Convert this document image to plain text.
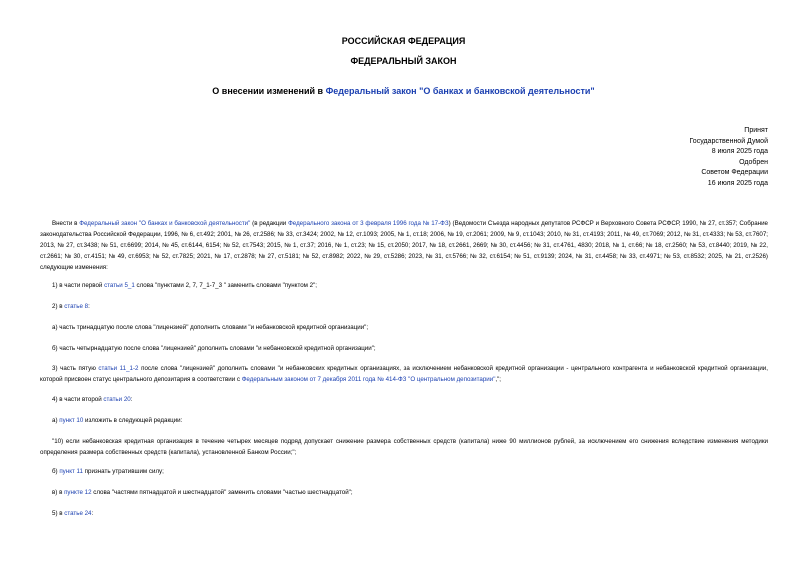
РОССИЙСКАЯ ФЕДЕРАЦИЯ
ФЕДЕРАЛЬНЫЙ ЗАКОН
О внесении изменений в Федеральный закон "О банках и банковской деятельности"
Принят
Государственной Думой
8 июля 2025 года
Одобрен
Советом Федерации
16 июля 2025 года
Внести в Федеральный закон "О банках и банковской деятельности" (в редакции Федерального закона от 3 февраля 1996 года № 17-ФЗ) (Ведомости Съезда народных депутатов РСФСР и Верховного Совета РСФСР, 1990, № 27, ст.357; Собрание законодательства Российской Федерации, 1996, № 6, ст.492; 2001, № 26, ст.2586; № 33, ст.3424; 2002, № 12, ст.1093; 2005, № 1, ст.18; 2006, № 19, ст.2061; 2009, № 9, ст.1043; 2010, № 31, ст.4193; 2011, № 49, ст.7069; 2012, № 31, ст.4333; № 53, ст.7607; 2013, № 27, ст.3438; № 51, ст.6699; 2014, № 45, ст.6144, 6154; № 52, ст.7543; 2015, № 1, ст.37; 2016, № 1, ст.23; № 15, ст.2050; 2017, № 18, ст.2661, 2669; № 30, ст.4456; № 31, ст.4761, 4830; 2018, № 1, ст.66; № 18, ст.2560; № 53, ст.8440; 2019, № 22, ст.2661; № 30, ст.4151; № 49, ст.6953; № 52, ст.7825; 2021, № 17, ст.2878; № 27, ст.5181; № 52, ст.8982; 2022, № 29, ст.5286; 2023, № 31, ст.5766; № 32, ст.6154; № 51, ст.9139; 2024, № 31, ст.4458; № 33, ст.4971; № 53, ст.8532; 2025, № 21, ст.2526) следующие изменения:
1) в части первой статьи 5_1 слова "пунктами 2, 7, 7_1-7_3 " заменить словами "пунктом 2";
2) в статье 8:
а) часть тринадцатую после слова "лицензией" дополнить словами "и небанковской кредитной организации";
б) часть четырнадцатую после слова "лицензией" дополнить словами "и небанковской кредитной организации";
3) часть пятую статьи 11_1-2 после слова "лицензией" дополнить словами "и небанковских кредитных организациях, за исключением небанковской кредитной организации - центрального контрагента и небанковской кредитной организации, которой присвоен статус центрального депозитария в соответствии с Федеральным законом от 7 декабря 2011 года № 414-ФЗ "О центральном депозитарии",";
4) в части второй статьи 20:
а) пункт 10 изложить в следующей редакции:
"10) если небанковская кредитная организация в течение четырех месяцев подряд допускает снижение размера собственных средств (капитала) ниже 90 миллионов рублей, за исключением его снижения вследствие изменения методики определения размера собственных средств (капитала), установленной Банком России;";
б) пункт 11 признать утратившим силу;
в) в пункте 12 слова "частями пятнадцатой и шестнадцатой" заменить словами "частью шестнадцатой";
5) в статье 24:
